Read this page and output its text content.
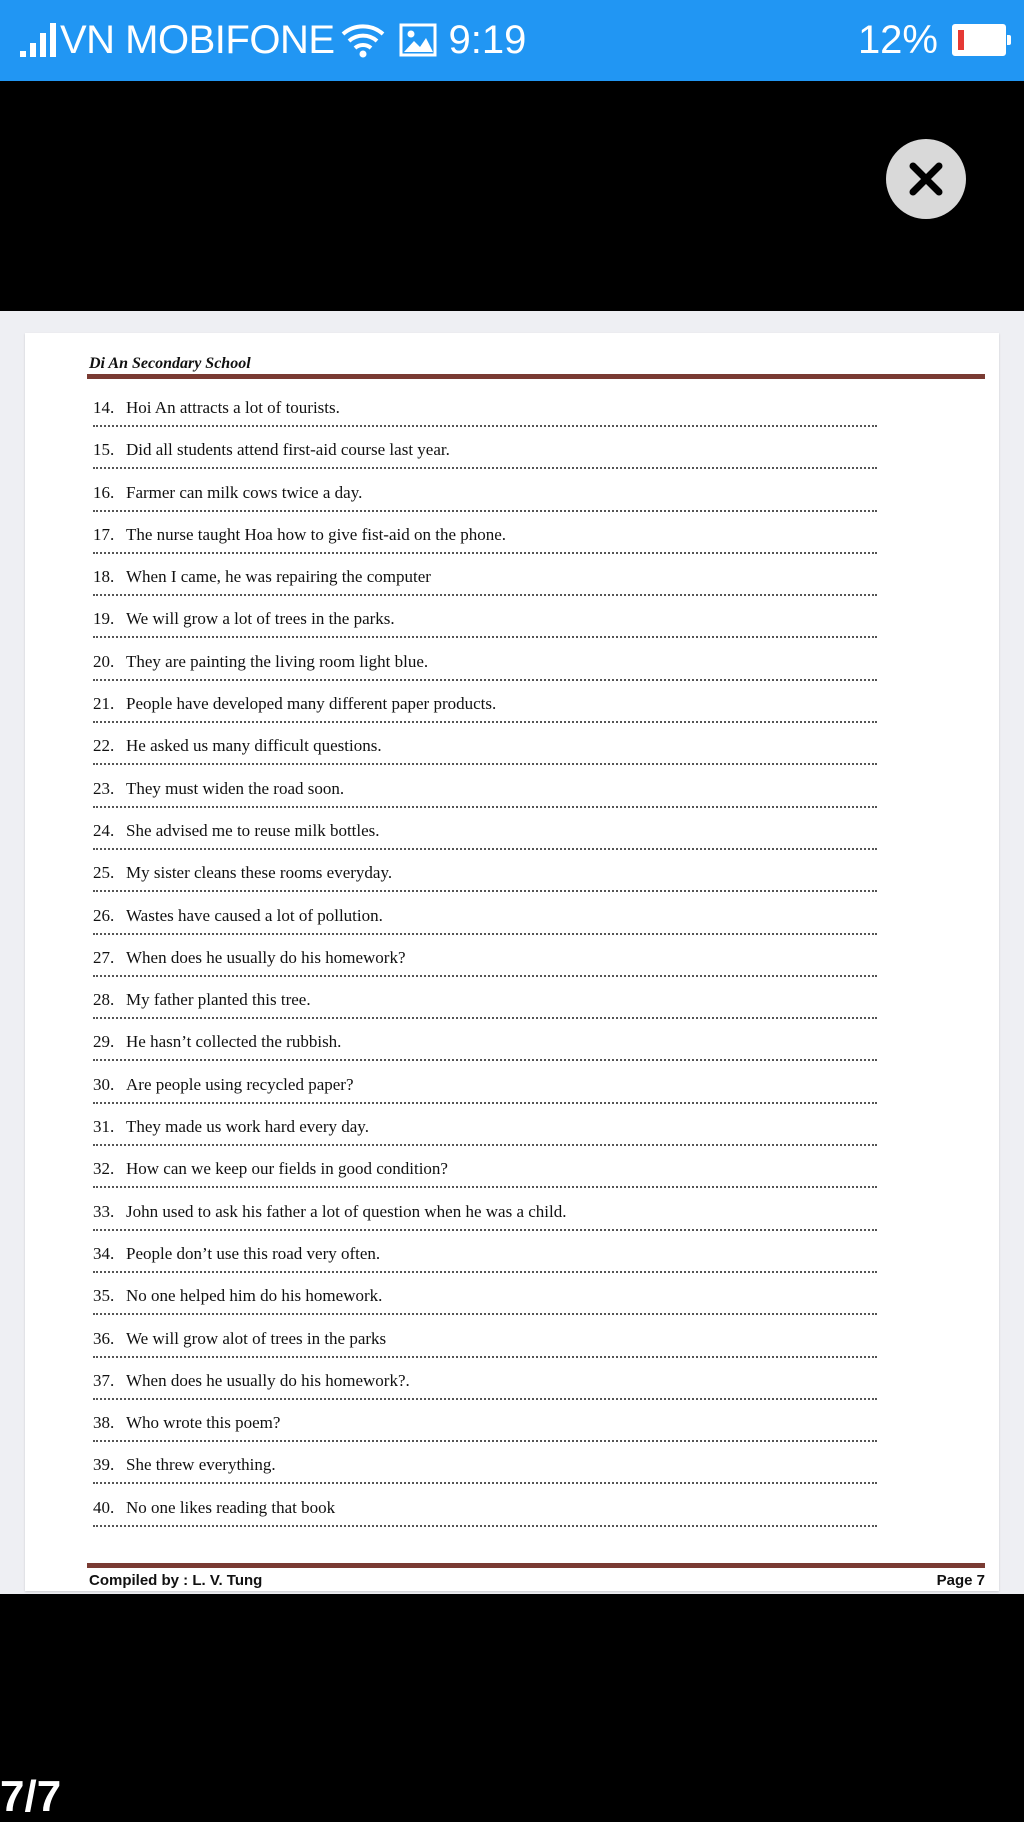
VN MOBIFONE	9:19	12%
Di An Secondary School
14. Hoi An attracts a lot of tourists.
15. Did all students attend first-aid course last year.
16. Farmer can milk cows twice a day.
17. The nurse taught Hoa how to give fist-aid on the phone.
18. When I came, he was repairing the computer
19. We will grow a lot of trees in the parks.
20. They are painting the living room light blue.
21. People have developed many different paper products.
22. He asked us many difficult questions.
23. They must widen the road soon.
24. She advised me to reuse milk bottles.
25. My sister cleans these rooms everyday.
26. Wastes have caused a lot of pollution.
27. When does he usually do his homework?
28. My father planted this tree.
29. He hasn’t collected the rubbish.
30. Are people using recycled paper?
31. They made us work hard every day.
32. How can we keep our fields in good condition?
33. John used to ask his father a lot of question when he was a child.
34. People don’t use this road very often.
35. No one helped him do his homework.
36. We will grow alot of trees in the parks
37. When does he usually do his homework?.
38. Who wrote this poem?
39. She threw everything.
40. No one likes reading that book
Compiled by : L. V. Tung	Page 7
7/7
